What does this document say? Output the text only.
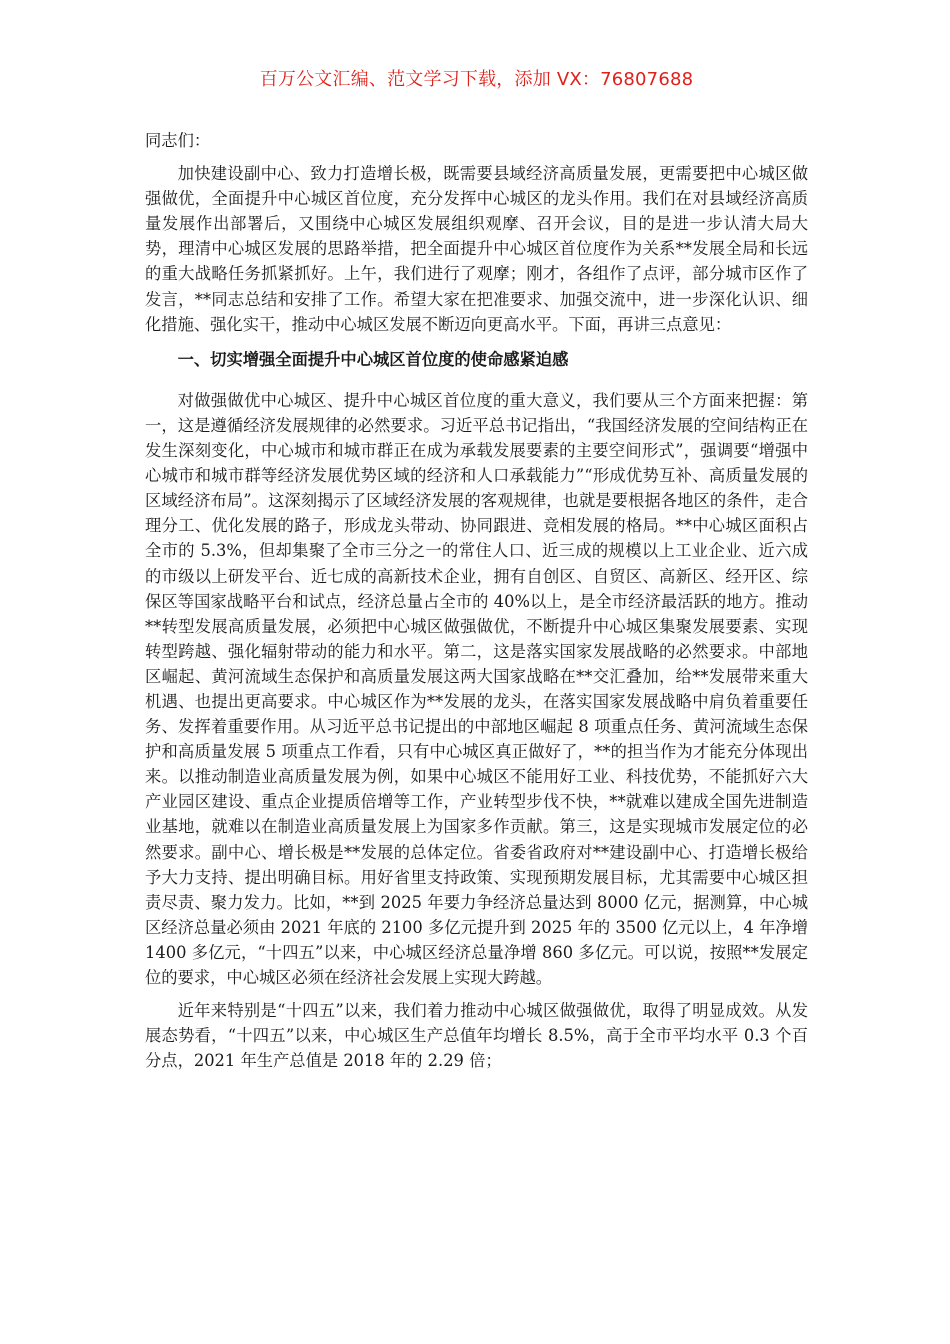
百万公文汇编、范文学习下载，添加 VX：76807688

同志们：

加快建设副中心、致力打造增长极，既需要县域经济高质量发展，更需要把中心城区做强做优，全面提升中心城区首位度，充分发挥中心城区的龙头作用。我们在对县域经济高质量发展作出部署后，又围绕中心城区发展组织观摩、召开会议，目的是进一步认清大局大势，理清中心城区发展的思路举措，把全面提升中心城区首位度作为关系**发展全局和长远的重大战略任务抓紧抓好。上午，我们进行了观摩；刚才，各组作了点评，部分城市区作了发言，**同志总结和安排了工作。希望大家在把准要求、加强交流中，进一步深化认识、细化措施、强化实干，推动中心城区发展不断迈向更高水平。下面，再讲三点意见：

一、切实增强全面提升中心城区首位度的使命感紧迫感

对做强做优中心城区、提升中心城区首位度的重大意义，我们要从三个方面来把握：第一，这是遵循经济发展规律的必然要求。习近平总书记指出，“我国经济发展的空间结构正在发生深刻变化，中心城市和城市群正在成为承载发展要素的主要空间形式”，强调要“增强中心城市和城市群等经济发展优势区域的经济和人口承载能力”“形成优势互补、高质量发展的区域经济布局”。这深刻揭示了区域经济发展的客观规律，也就是要根据各地区的条件，走合理分工、优化发展的路子，形成龙头带动、协同跟进、竞相发展的格局。**中心城区面积占全市的 5.3%，但却集聚了全市三分之一的常住人口、近三成的规模以上工业企业、近六成的市级以上研发平台、近七成的高新技术企业，拥有自创区、自贸区、高新区、经开区、综保区等国家战略平台和试点，经济总量占全市的 40%以上，是全市经济最活跃的地方。推动**转型发展高质量发展，必须把中心城区做强做优，不断提升中心城区集聚发展要素、实现转型跨越、强化辐射带动的能力和水平。第二，这是落实国家发展战略的必然要求。中部地区崛起、黄河流域生态保护和高质量发展这两大国家战略在**交汇叠加，给**发展带来重大机遇、也提出更高要求。中心城区作为**发展的龙头，在落实国家发展战略中肩负着重要任务、发挥着重要作用。从习近平总书记提出的中部地区崛起 8 项重点任务、黄河流域生态保护和高质量发展 5 项重点工作看，只有中心城区真正做好了，**的担当作为才能充分体现出来。以推动制造业高质量发展为例，如果中心城区不能用好工业、科技优势，不能抓好六大产业园区建设、重点企业提质倍增等工作，产业转型步伐不快，**就难以建成全国先进制造业基地，就难以在制造业高质量发展上为国家多作贡献。第三，这是实现城市发展定位的必然要求。副中心、增长极是**发展的总体定位。省委省政府对**建设副中心、打造增长极给予大力支持、提出明确目标。用好省里支持政策、实现预期发展目标，尤其需要中心城区担责尽责、聚力发力。比如，**到 2025 年要力争经济总量达到 8000 亿元，据测算，中心城区经济总量必须由 2021 年底的 2100 多亿元提升到 2025 年的 3500 亿元以上，4 年净增 1400 多亿元，“十四五”以来，中心城区经济总量净增 860 多亿元。可以说，按照**发展定位的要求，中心城区必须在经济社会发展上实现大跨越。

近年来特别是“十四五”以来，我们着力推动中心城区做强做优，取得了明显成效。从发展态势看，“十四五”以来，中心城区生产总值年均增长 8.5%，高于全市平均水平 0.3 个百分点，2021 年生产总值是 2018 年的 2.29 倍；
